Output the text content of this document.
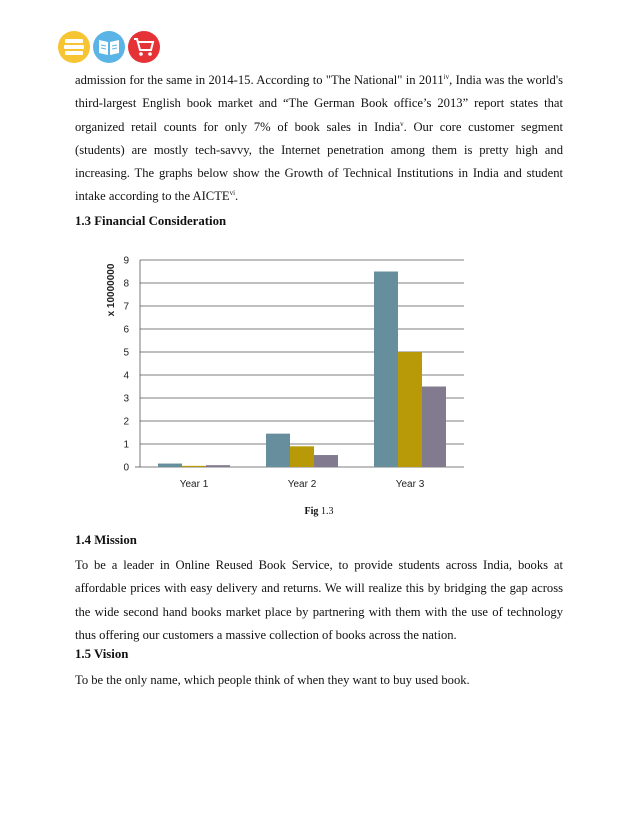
admission for the same in 2014-15. According to "The National" in 2011$^{iv}$, India was the world's third-largest English book market and “The German Book office’s 2013” report states that organized retail counts for only 7% of book sales in India$^v$. Our core customer segment (students) are mostly tech-savvy, the Internet penetration among them is pretty high and increasing. The graphs below show the Growth of Technical Institutions in India and student intake according to the AICTE$^{vi}$.

1.3 Financial Consideration
0
1
2
3
4
5
6
7
8
9
x 10000000
Year 1	Year 2	Year 3
Fig 1.3
1.4 Mission

To be a leader in Online Reused Book Service, to provide students across India, books at affordable prices with easy delivery and returns. We will realize this by bridging the gap across the wide second hand books market place by partnering with them with the use of technology thus offering our customers a massive collection of books across the nation.

1.5 Vision

To be the only name, which people think of when they want to buy used book.
